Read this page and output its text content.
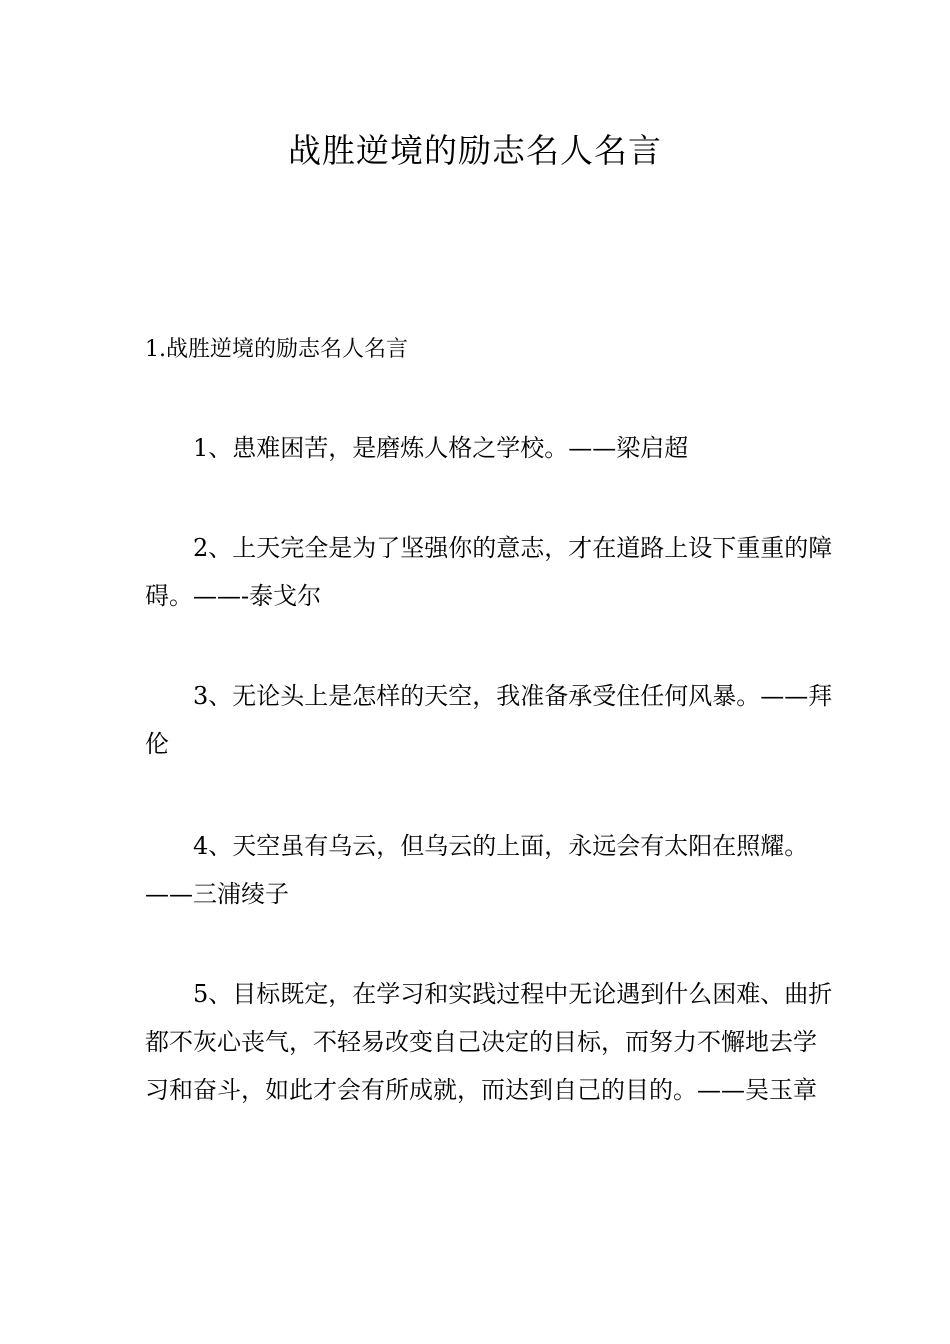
战胜逆境的励志名人名言

1.战胜逆境的励志名人名言

1、患难困苦，是磨炼人格之学校。——梁启超

2、上天完全是为了坚强你的意志，才在道路上设下重重的障碍。——-泰戈尔

3、无论头上是怎样的天空，我准备承受住任何风暴。——拜伦

4、天空虽有乌云，但乌云的上面，永远会有太阳在照耀。——三浦绫子

5、目标既定，在学习和实践过程中无论遇到什么困难、曲折都不灰心丧气，不轻易改变自己决定的目标，而努力不懈地去学习和奋斗，如此才会有所成就，而达到自己的目的。——吴玉章
